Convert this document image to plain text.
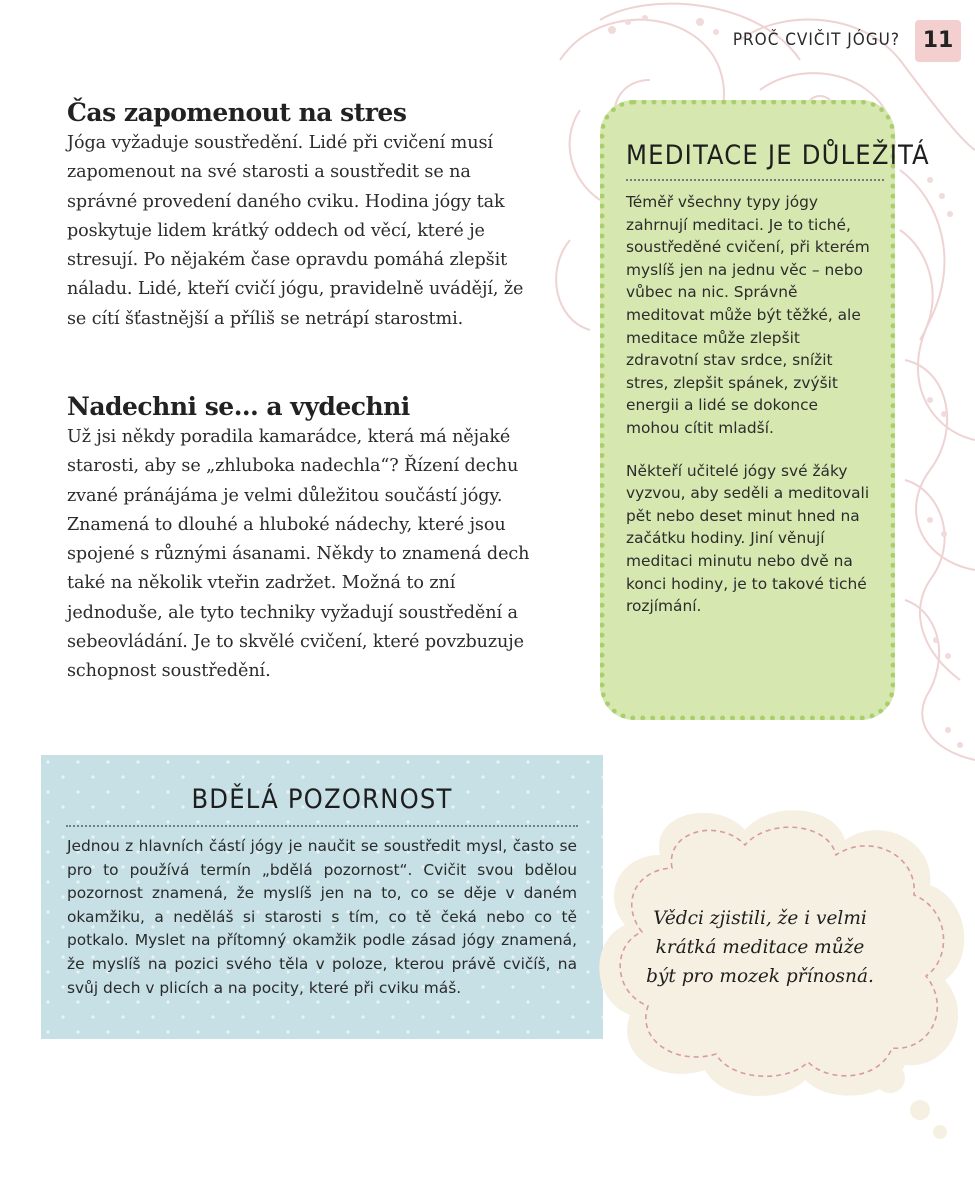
PROČ CVIČIT JÓGU?	11
Čas zapomenout na stres

Jóga vyžaduje soustředění. Lidé při cvičení musí zapomenout na své starosti a soustředit se na správné provedení daného cviku. Hodina jógy tak poskytuje lidem krátký oddech od věcí, které je stresují. Po nějakém čase opravdu pomáhá zlepšit náladu. Lidé, kteří cvičí jógu, pravidelně uvádějí, že se cítí šťastnější a příliš se netrápí starostmi.

Nadechni se… a vydechni

Už jsi někdy poradila kamarádce, která má nějaké starosti, aby se „zhluboka nadechla“? Řízení dechu zvané pránájáma je velmi důležitou součástí jógy. Znamená to dlouhé a hluboké nádechy, které jsou spojené s různými ásanami. Někdy to znamená dech také na několik vteřin zadržet. Možná to zní jednoduše, ale tyto techniky vyžadují soustředění a sebeovládání. Je to skvělé cvičení, které povzbuzuje schopnost soustředění.

MEDITACE JE DŮLEŽITÁ

Téměř všechny typy jógy zahrnují meditaci. Je to tiché, soustředěné cvičení, při kterém myslíš jen na jednu věc – nebo vůbec na nic. Správně meditovat může být těžké, ale meditace může zlepšit zdravotní stav srdce, snížit stres, zlepšit spánek, zvýšit energii a lidé se dokonce mohou cítit mladší.

Někteří učitelé jógy své žáky vyzvou, aby seděli a meditovali pět nebo deset minut hned na začátku hodiny. Jiní věnují meditaci minutu nebo dvě na konci hodiny, je to takové tiché rozjímání.

BDĚLÁ POZORNOST

Jednou z hlavních částí jógy je naučit se soustředit mysl, často se pro to používá termín „bdělá pozornost“. Cvičit svou bdělou pozornost znamená, že myslíš jen na to, co se děje v daném okamžiku, a neděláš si starosti s tím, co tě čeká nebo co tě potkalo. Myslet na přítomný okamžik podle zásad jógy znamená, že myslíš na pozici svého těla v poloze, kterou právě cvičíš, na svůj dech v plicích a na pocity, které při cviku máš.

Vědci zjistili, že i velmi krátká meditace může být pro mozek přínosná.
